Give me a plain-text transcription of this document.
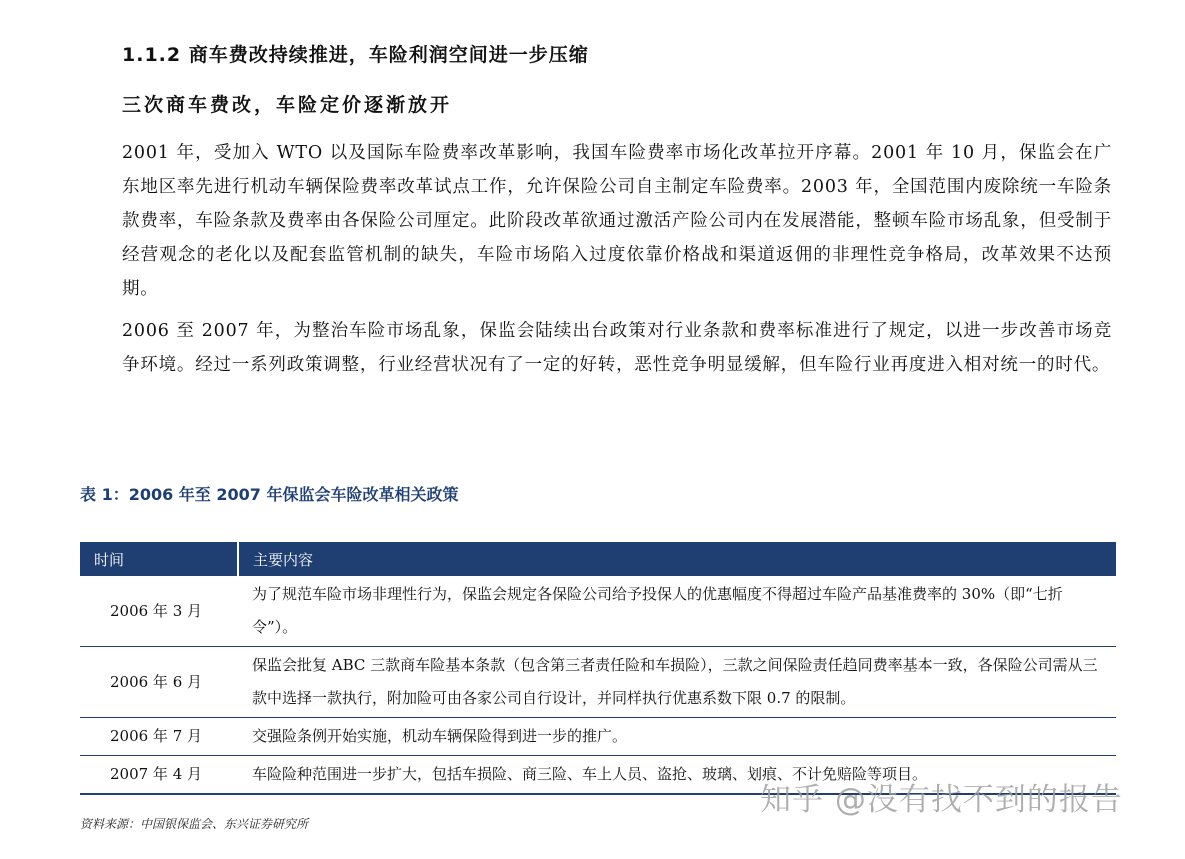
1.1.2 商车费改持续推进，车险利润空间进一步压缩
三次商车费改，车险定价逐渐放开

2001 年，受加入 WTO 以及国际车险费率改革影响，我国车险费率市场化改革拉开序幕。2001 年 10 月，保监会在广东地区率先进行机动车辆保险费率改革试点工作，允许保险公司自主制定车险费率。2003 年，全国范围内废除统一车险条款费率，车险条款及费率由各保险公司厘定。此阶段改革欲通过激活产险公司内在发展潜能，整顿车险市场乱象，但受制于经营观念的老化以及配套监管机制的缺失，车险市场陷入过度依靠价格战和渠道返佣的非理性竞争格局，改革效果不达预期。

2006 至 2007 年，为整治车险市场乱象，保监会陆续出台政策对行业条款和费率标准进行了规定，以进一步改善市场竞争环境。经过一系列政策调整，行业经营状况有了一定的好转，恶性竞争明显缓解，但车险行业再度进入相对统一的时代。

表 1：2006 年至 2007 年保监会车险改革相关政策
时间	主要内容
2006 年 3 月	为了规范车险市场非理性行为，保监会规定各保险公司给予投保人的优惠幅度不得超过车险产品基准费率的 30%（即“七折令”）。
2006 年 6 月	保监会批复 ABC 三款商车险基本条款（包含第三者责任险和车损险），三款之间保险责任趋同费率基本一致，各保险公司需从三款中选择一款执行，附加险可由各家公司自行设计，并同样执行优惠系数下限 0.7 的限制。
2006 年 7 月	交强险条例开始实施，机动车辆保险得到进一步的推广。
2007 年 4 月	车险险种范围进一步扩大，包括车损险、商三险、车上人员、盗抢、玻璃、划痕、不计免赔险等项目。
资料来源：中国银保监会、东兴证券研究所
知乎 @没有找不到的报告
